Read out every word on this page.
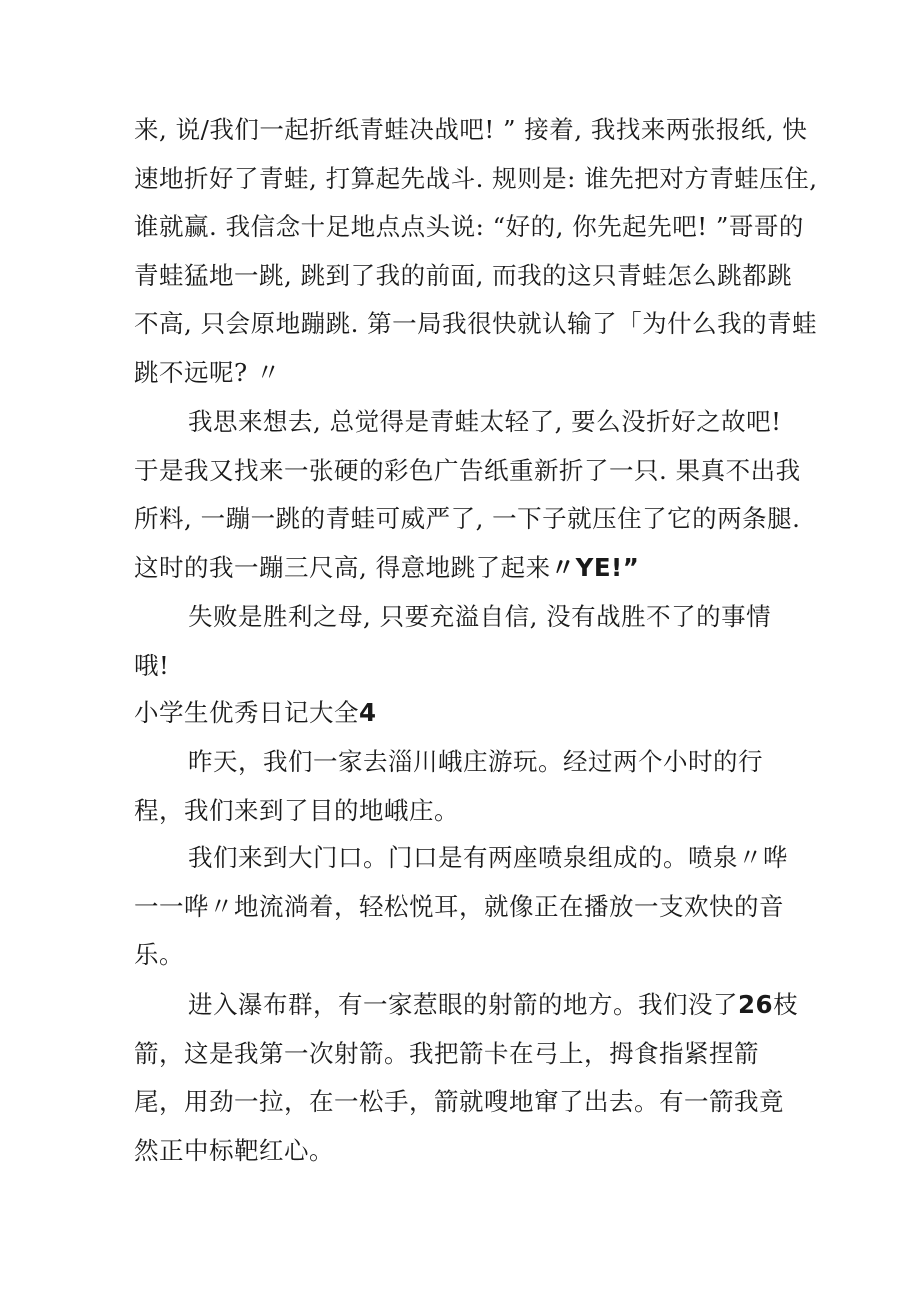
来, 说/我们一起折纸青蛙决战吧! ” 接着, 我找来两张报纸, 快
速地折好了青蛙, 打算起先战斗. 规则是: 谁先把对方青蛙压住,
谁就赢. 我信念十足地点点头说: “好的, 你先起先吧! ”哥哥的
青蛙猛地一跳, 跳到了我的前面, 而我的这只青蛙怎么跳都跳
不高, 只会原地蹦跳. 第一局我很快就认输了「为什么我的青蛙
跳不远呢? 〃
我思来想去, 总觉得是青蛙太轻了, 要么没折好之故吧!
于是我又找来一张硬的彩色广告纸重新折了一只. 果真不出我
所料, 一蹦一跳的青蛙可威严了, 一下子就压住了它的两条腿.
这时的我一蹦三尺高, 得意地跳了起来〃YE!”
失败是胜利之母, 只要充溢自信, 没有战胜不了的事情
哦!
小学生优秀日记大全4
昨天，我们一家去淄川峨庄游玩。经过两个小时的行
程，我们来到了目的地峨庄。
我们来到大门口。门口是有两座喷泉组成的。喷泉〃哗
一一哗〃地流淌着，轻松悦耳，就像正在播放一支欢快的音
乐。
进入瀑布群，有一家惹眼的射箭的地方。我们没了26枝
箭，这是我第一次射箭。我把箭卡在弓上，拇食指紧捏箭
尾，用劲一拉，在一松手，箭就嗖地窜了出去。有一箭我竟
然正中标靶红心。
